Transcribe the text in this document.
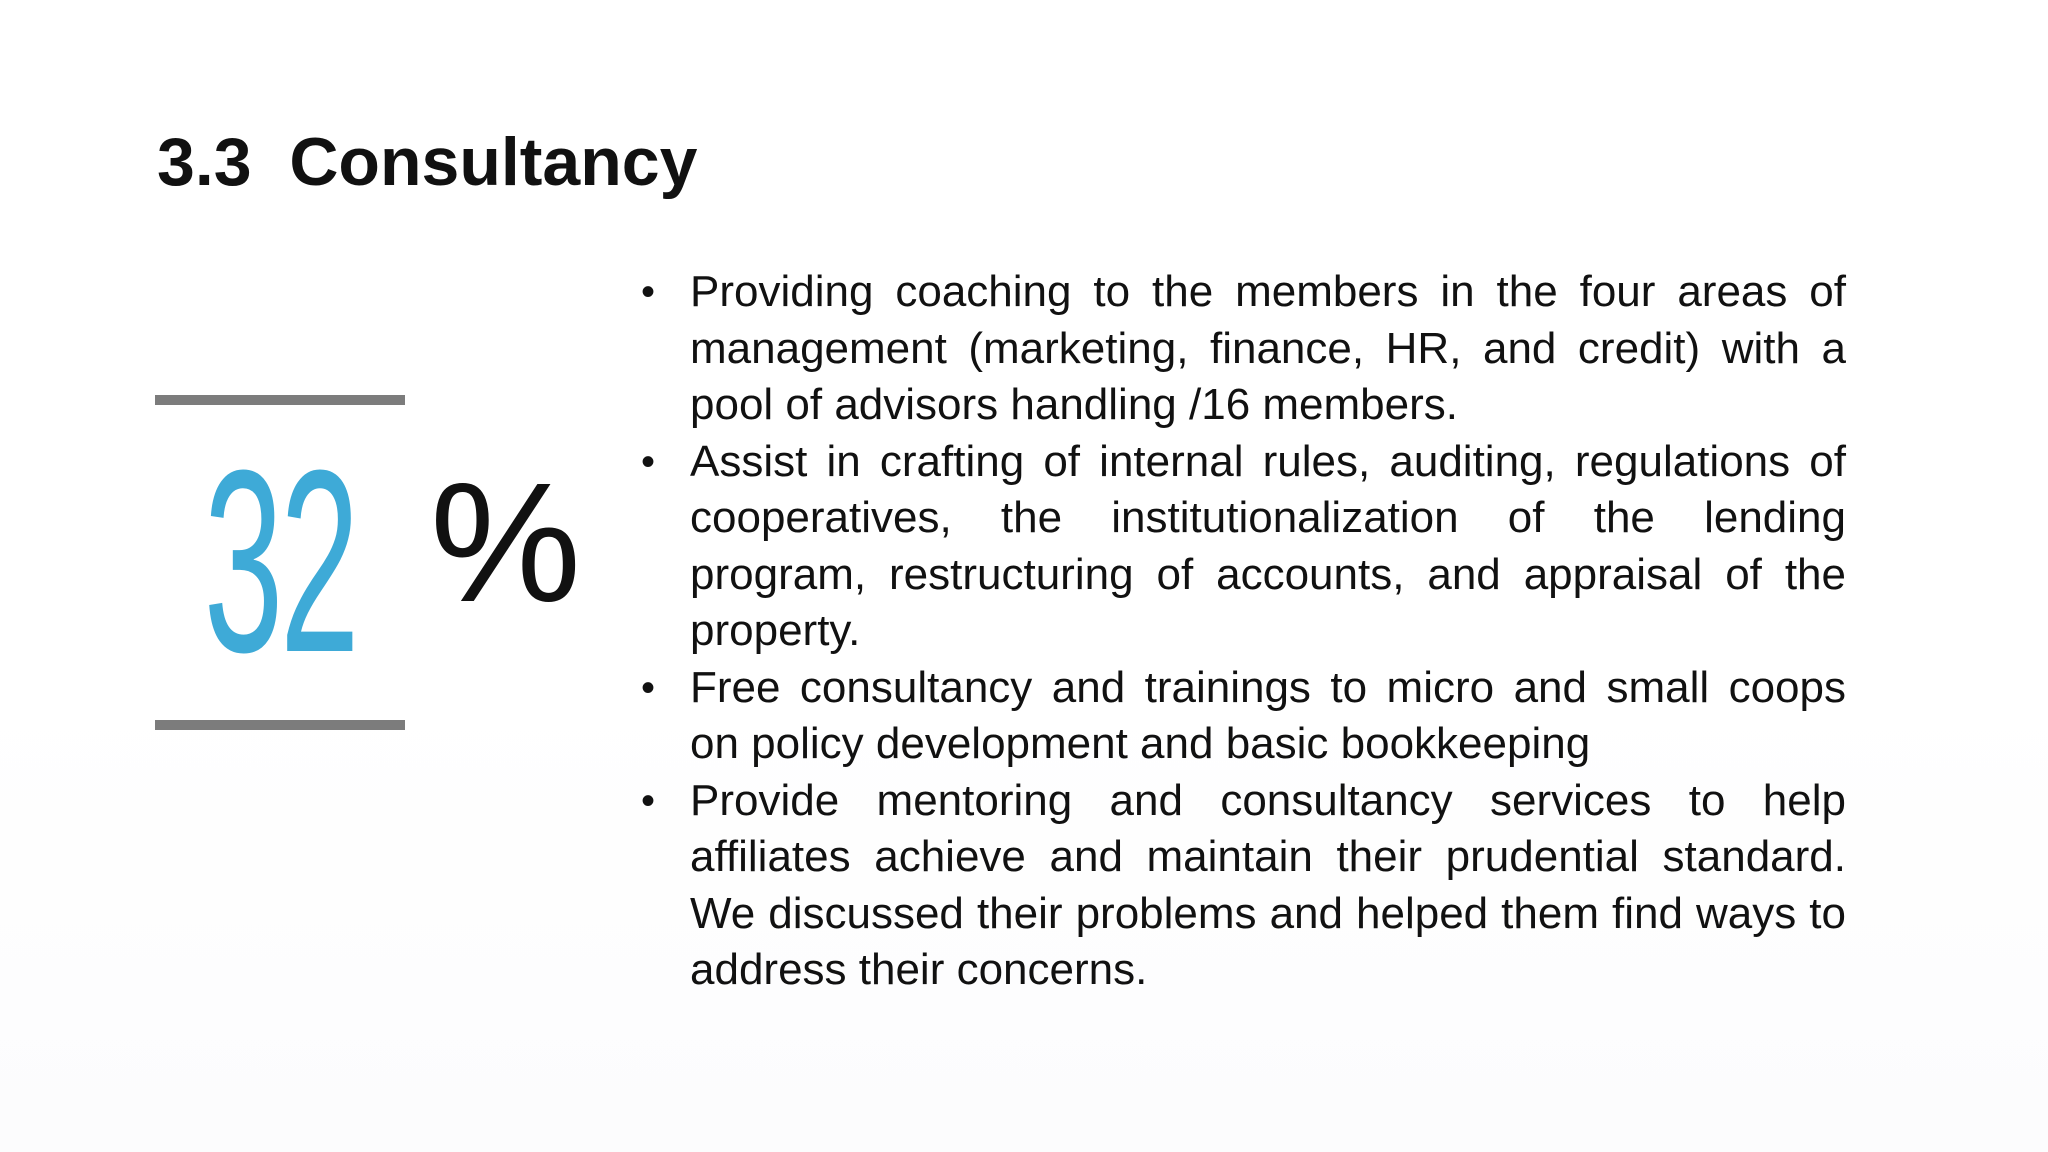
3.3  Consultancy
32 %
• Providing coaching to the members in the four areas of management (marketing, finance, HR, and credit) with a pool of advisors handling /16 members.
• Assist in crafting of internal rules, auditing, regulations of cooperatives, the institutionalization of the lending program, restructuring of accounts, and appraisal of the property.
• Free consultancy and trainings to micro and small coops on policy development and basic bookkeeping
• Provide mentoring and consultancy services to help affiliates achieve and maintain their prudential standard. We discussed their problems and helped them find ways to address their concerns.
